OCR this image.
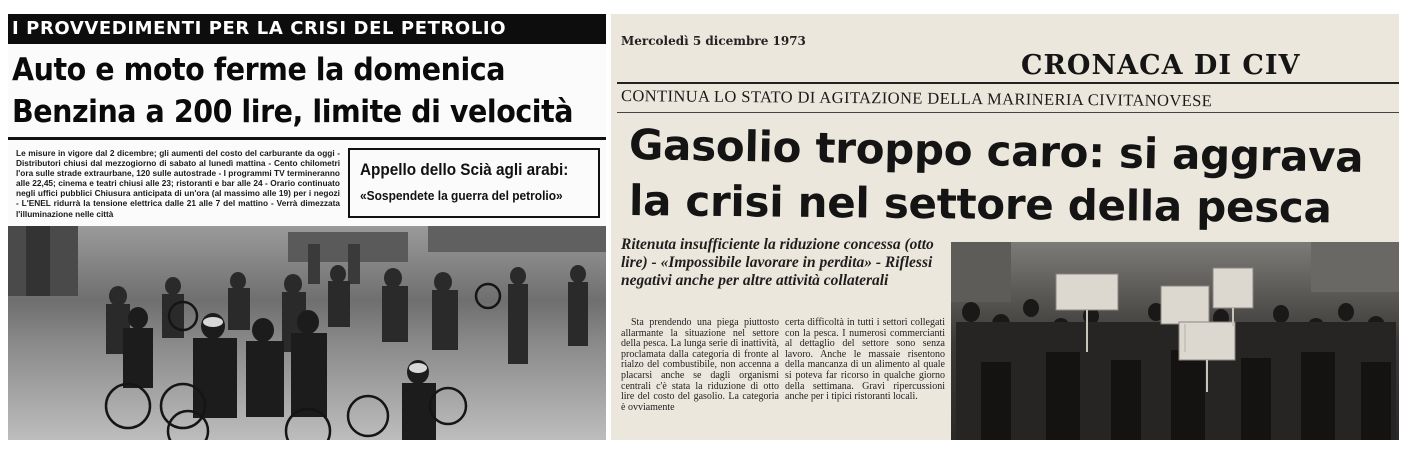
I PROVVEDIMENTI PER LA CRISI DEL PETROLIO
Auto e moto ferme la domenica
Benzina a 200 lire, limite di velocità
Le misure in vigore dal 2 dicembre; gli aumenti del costo del carburante da oggi - Distributori chiusi dal mezzogiorno di sabato al lunedì mattina - Cento chilometri l'ora sulle strade extraurbane, 120 sulle autostrade - I programmi TV termineranno alle 22,45; cinema e teatri chiusi alle 23; ristoranti e bar alle 24 - Orario continuato negli uffici pubblici Chiusura anticipata di un'ora (al massimo alle 19) per i negozi - L'ENEL ridurrà la tensione elettrica dalle 21 alle 7 del mattino - Verrà dimezzata l'illuminazione nelle città
Appello dello Scià agli arabi:
«Sospendete la guerra del petrolio»
Mercoledì 5 dicembre 1973
CRONACA DI CIV
CONTINUA LO STATO DI AGITAZIONE DELLA MARINERIA CIVITANOVESE
Gasolio troppo caro: si aggrava
la crisi nel settore della pesca
Ritenuta insufficiente la riduzione concessa (otto lire) - «Impossibile lavorare in perdita» - Riflessi negativi anche per altre attività collaterali
Sta prendendo una piega piuttosto allarmante la situazione nel settore della pesca. La lunga serie di inattività, proclamata dalla categoria di fronte al rialzo del combustibile, non accenna a placarsi anche se dagli organismi centrali c'è stata la riduzione di otto lire del costo del gasolio. La categoria è ovviamente
certa difficoltà in tutti i settori collegati con la pesca. I numerosi commercianti al dettaglio del settore sono senza lavoro. Anche le massaie risentono della mancanza di un alimento al quale si poteva far ricorso in qualche giorno della settimana. Gravi ripercussioni anche per i tipici ristoranti locali.
